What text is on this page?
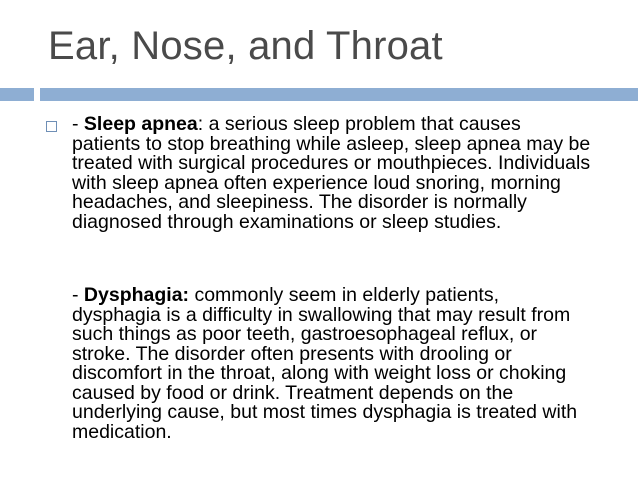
Ear, Nose, and Throat
- Sleep apnea: a serious sleep problem that causes patients to stop breathing while asleep, sleep apnea may be treated with surgical procedures or mouthpieces. Individuals with sleep apnea often experience loud snoring, morning headaches, and sleepiness. The disorder is normally diagnosed through examinations or sleep studies.
- Dysphagia: commonly seem in elderly patients, dysphagia is a difficulty in swallowing that may result from such things as poor teeth, gastroesophageal reflux, or stroke. The disorder often presents with drooling or discomfort in the throat, along with weight loss or choking caused by food or drink. Treatment depends on the underlying cause, but most times dysphagia is treated with medication.
